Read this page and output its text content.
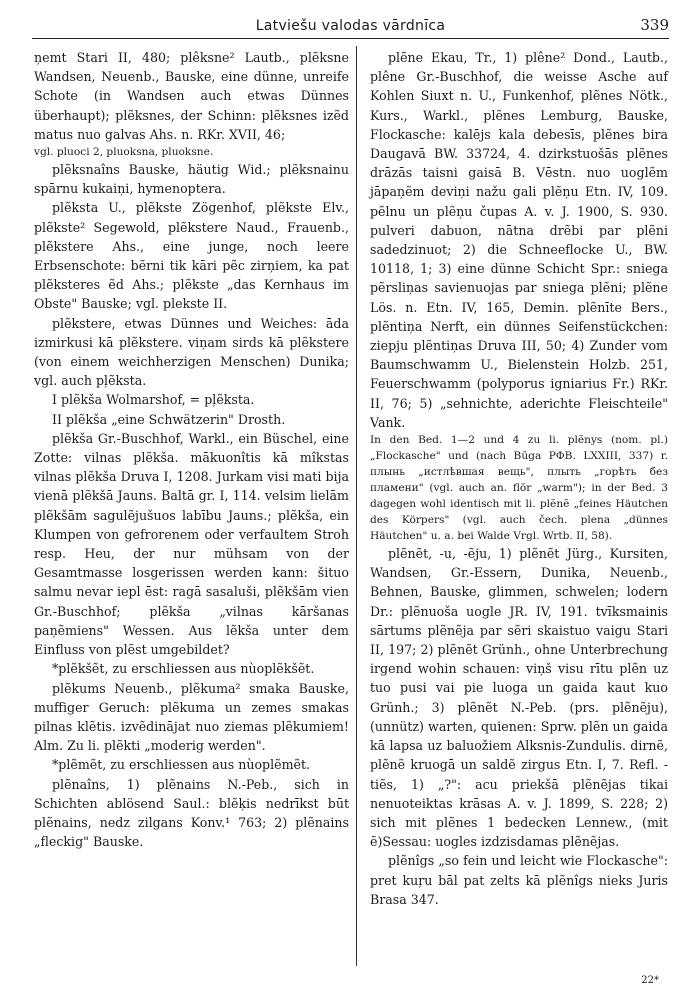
Latviešu valodas vārdnīca	339

ņemt Stari II, 480; plêksne² Lautb., plẽksne Wandsen, Neuenb., Bauske, eine dünne, unreife Schote (in Wandsen auch etwas Dünnes überhaupt); plẽksnes, der Schinn: plẽksnes izẽd matus nuo galvas Ahs. n. RKr. XVII, 46;

vgl. pluoci 2, pluoksna, pluoksne.

plẽksnaîns Bauske, häutig Wid.; plẽksnainu spārnu kukaiņi, hymenoptera.

plẽksta U., plẽkste Zögenhof, plẽkste Elv., plẽkste² Segewold, plẽkstere Naud., Frauenb., plẽkstere Ahs., eine junge, noch leere Erbsenschote: bẽrni tik kāri pẽc zirņiem, ka pat plẽksteres ẽd Ahs.; plẽkste „das Kernhaus im Obste" Bauske; vgl. plekste II.

plẽkstere, etwas Dünnes und Weiches: āda izmirkusi kā plẽkstere. viņam sirds kā plẽkstere (von einem weichherzigen Menschen) Dunika; vgl. auch pļẽksta.

I plẽkša Wolmarshof, = pļẽksta.

II plẽkša „eine Schwätzerin" Drosth.

plẽkša Gr.-Buschhof, Warkl., ein Büschel, eine Zotte: vilnas plẽkša. mākuonîtis kā mîkstas vilnas plẽkša Druva I, 1208. Jurkam visi mati bija vienā plẽkšā Jauns. Baltā gr. I, 114. velsim lielām plẽkšām sagulẽjušuos labību Jauns.; plẽkša, ein Klumpen von gefrorenem oder verfaultem Stroh resp. Heu, der nur mühsam von der Gesamtmasse losgerissen werden kann: šituo salmu nevar iepl ēst: ragā sasaluši, plẽkšām vien Gr.-Buschhof; plẽkša „vilnas kāršanas paņẽmiens" Wessen. Aus lẽkša unter dem Einfluss von plẽst umgebildet?

*plẽkšẽt, zu erschliessen aus nùoplẽkšẽt.

plẽkums Neuenb., plẽkuma² smaka Bauske, muffiger Geruch: plẽkuma un zemes smakas pilnas klẽtis. izvẽdinājat nuo ziemas plẽkumiem! Alm. Zu li. plẽkti „moderig werden".

*plẽmẽt, zu erschliessen aus nùoplẽmẽt.

plẽnaîns, 1) plẽnains N.-Peb., sich in Schichten ablösend Saul.: blẽķis nedrīkst būt plẽnains, nedz zilgans Konv.¹ 763; 2) plẽnains „fleckig" Bauske.

plẽne Ekau, Tr., 1) plêne² Dond., Lautb., plêne Gr.-Buschhof, die weisse Asche auf Kohlen Siuxt n. U., Funkenhof, plẽnes Nötk., Kurs., Warkl., plẽnes Lemburg, Bauske, Flockasche: kalējs kala debesīs, plẽnes bira Daugavā BW. 33724, 4. dzirkstuošās plẽnes drāzās taisni gaisā B. Vēstn. nuo uoglẽm jāpaņẽm deviņi nažu gali plẽņu Etn. IV, 109. pẽlnu un plẽņu čupas A. v. J. 1900, S. 930. pulveri dabuon, nātna drẽbi par plẽni sadedzinuot; 2) die Schneeflocke U., BW. 10118, 1; 3) eine dünne Schicht Spr.: sniega pẽrsliņas savienuojas par sniega plẽni; plẽne Lös. n. Etn. IV, 165, Demin. plẽnīte Bers., plẽntiņa Nerft, ein dünnes Seifenstückchen: ziepju plẽntiņas Druva III, 50; 4) Zunder vom Baumschwamm U., Bielenstein Holzb. 251, Feuerschwamm (polyporus igniarius Fr.) RKr. II, 76; 5) „sehnichte, aderichte Fleischteile" Vank.

In den Bed. 1—2 und 4 zu li. plẽnys (nom. pl.) „Flockasche" und (nach Būga РФВ. LXXIII, 337) r. плынь „истлѣвшая вещь", плыть „горѣть без пламени" (vgl. auch an. flōr „warm"); in der Bed. 3 dagegen wohl identisch mit li. plẽnẽ „feines Häutchen des Körpers" (vgl. auch čech. plena „dünnes Häutchen" u. a. bei Walde Vrgl. Wrtb. II, 58).

plẽnẽt, -u, -ẽju, 1) plẽnẽt Jürg., Kursiten, Wandsen, Gr.-Essern, Dunika, Neuenb., Behnen, Bauske, glimmen, schwelen; lodern Dr.: plẽnuoša uogle JR. IV, 191. tvīksmainis sārtums plẽnẽja par sẽri skaistuo vaigu Stari II, 197; 2) plẽnẽt Grünh., ohne Unterbrechung irgend wohin schauen: viņš visu rītu plẽn uz tuo pusi vai pie luoga un gaida kaut kuo Grünh.; 3) plẽnẽt N.-Peb. (prs. plẽnẽju), (unnütz) warten, quienen: Sprw. plẽn un gaida kā lapsa uz baluožiem Alksnis-Zundulis. dirnẽ, plẽnẽ kruogā un saldẽ zirgus Etn. I, 7. Refl. -tiẽs, 1) „?": acu priekšā plẽnẽjas tikai nenuoteiktas krāsas A. v. J. 1899, S. 228; 2) sich mit plẽnes 1 bedecken Lennew., (mit ẽ)Sessau: uogles izdzisdamas plẽnẽjas.

plẽnîgs „so fein und leicht wie Flockasche": pret kuŗu bāl pat zelts kā plẽnîgs nieks Juris Brasa 347.

22*
